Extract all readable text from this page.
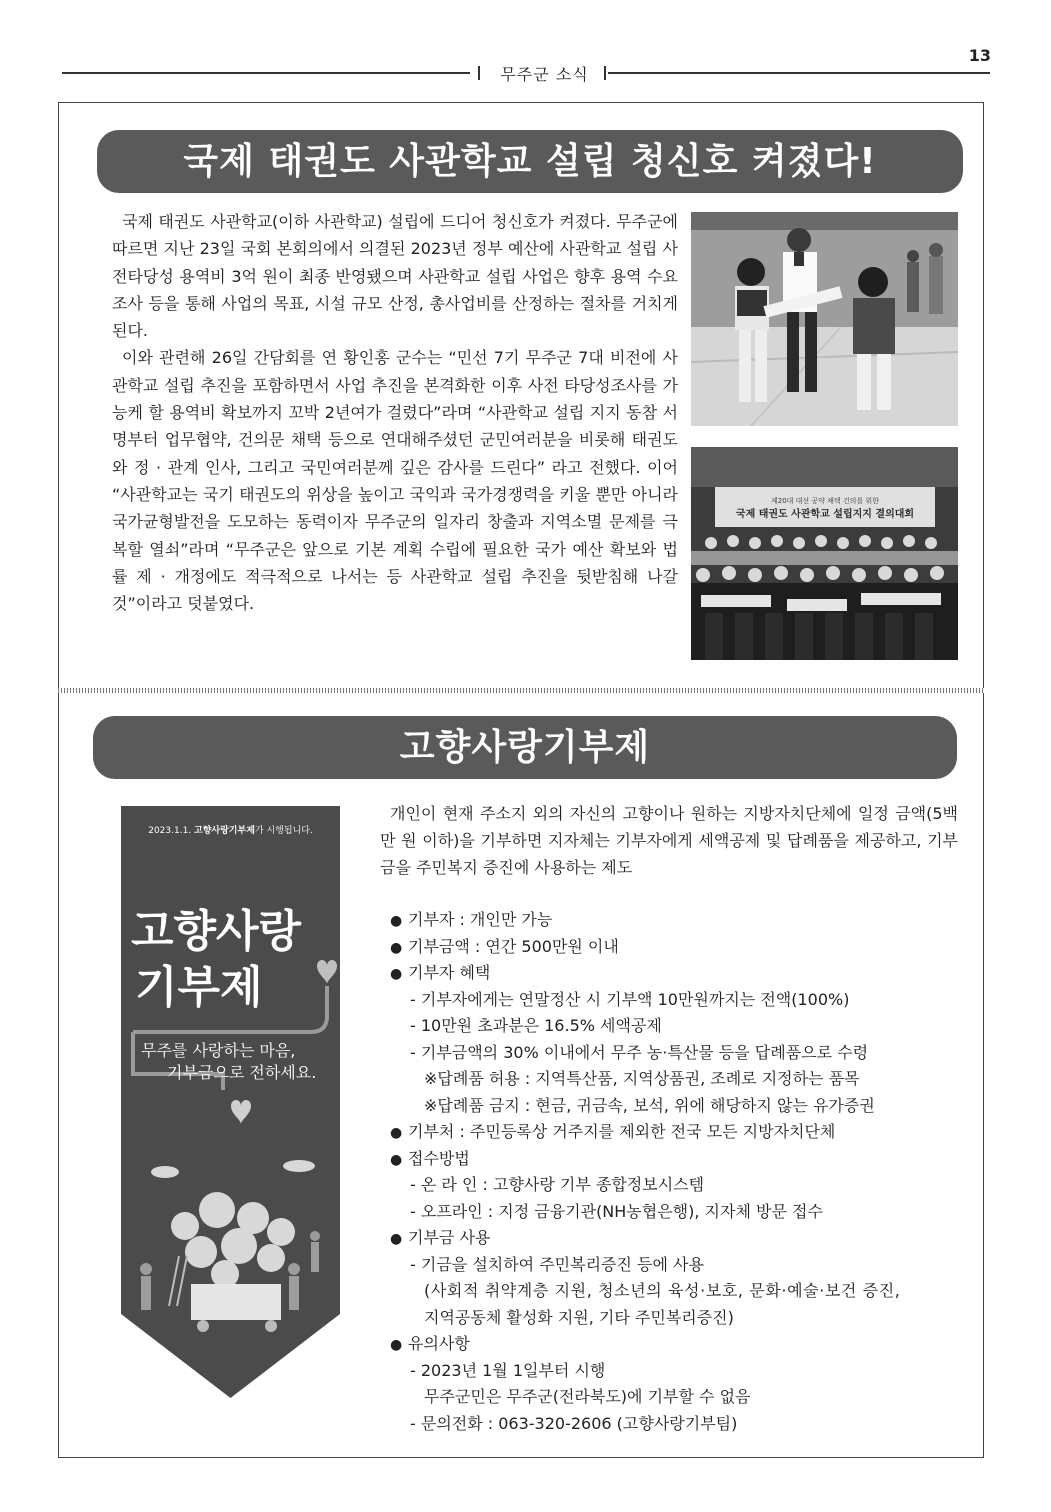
13
무주군 소식
국제 태권도 사관학교 설립 청신호 켜졌다!

국제 태권도 사관학교(이하 사관학교) 설립에 드디어 청신호가 켜졌다. 무주군에 따르면 지난 23일 국회 본회의에서 의결된 2023년 정부 예산에 사관학교 설립 사전타당성 용역비 3억 원이 최종 반영됐으며 사관학교 설립 사업은 향후 용역 수요조사 등을 통해 사업의 목표, 시설 규모 산정, 총사업비를 산정하는 절차를 거치게 된다.

이와 관련해 26일 간담회를 연 황인홍 군수는 “민선 7기 무주군 7대 비전에 사관학교 설립 추진을 포함하면서 사업 추진을 본격화한 이후 사전 타당성조사를 가능케 할 용역비 확보까지 꼬박 2년여가 걸렸다”라며 “사관학교 설립 지지 동참 서명부터 업무협약, 건의문 채택 등으로 연대해주셨던 군민여러분을 비롯해 태권도와 정 · 관계 인사, 그리고 국민여러분께 깊은 감사를 드린다” 라고 전했다. 이어 “사관학교는 국기 태권도의 위상을 높이고 국익과 국가경쟁력을 키울 뿐만 아니라 국가균형발전을 도모하는 동력이자 무주군의 일자리 창출과 지역소멸 문제를 극복할 열쇠”라며 “무주군은 앞으로 기본 계획 수립에 필요한 국가 예산 확보와 법률 제 · 개정에도 적극적으로 나서는 등 사관학교 설립 추진을 뒷받침해 나갈 것”이라고 덧붙였다.

제20대 대선 공약 채택 건의를 위한
국제 태권도 사관학교 설립지지 결의대회
고향사랑기부제
2023.1.1. 고향사랑기부제가 시행됩니다.
고향사랑
기부제
무주를 사랑하는 마음,
기부금으로 전하세요.

개인이 현재 주소지 외의 자신의 고향이나 원하는 지방자치단체에 일정 금액(5백만 원 이하)을 기부하면 지자체는 기부자에게 세액공제 및 답례품을 제공하고, 기부금을 주민복지 증진에 사용하는 제도

● 기부자 : 개인만 가능
● 기부금액 : 연간 500만원 이내
● 기부자 혜택
- 기부자에게는 연말정산 시 기부액 10만원까지는 전액(100%)
- 10만원 초과분은 16.5% 세액공제
- 기부금액의 30% 이내에서 무주 농·특산물 등을 답례품으로 수령
※답례품 허용 : 지역특산품, 지역상품권, 조례로 지정하는 품목
※답례품 금지 : 현금, 귀금속, 보석, 위에 해당하지 않는 유가증권
● 기부처 : 주민등록상 거주지를 제외한 전국 모든 지방자치단체
● 접수방법
- 온 라 인 : 고향사랑 기부 종합정보시스템
- 오프라인 : 지정 금융기관(NH농협은행), 지자체 방문 접수
● 기부금 사용
- 기금을 설치하여 주민복리증진 등에 사용
(사회적 취약계층 지원, 청소년의 육성·보호, 문화·예술·보건 증진,
지역공동체 활성화 지원, 기타 주민복리증진)
● 유의사항
- 2023년 1월 1일부터 시행
무주군민은 무주군(전라북도)에 기부할 수 없음
- 문의전화 : 063-320-2606 (고향사랑기부팀)
